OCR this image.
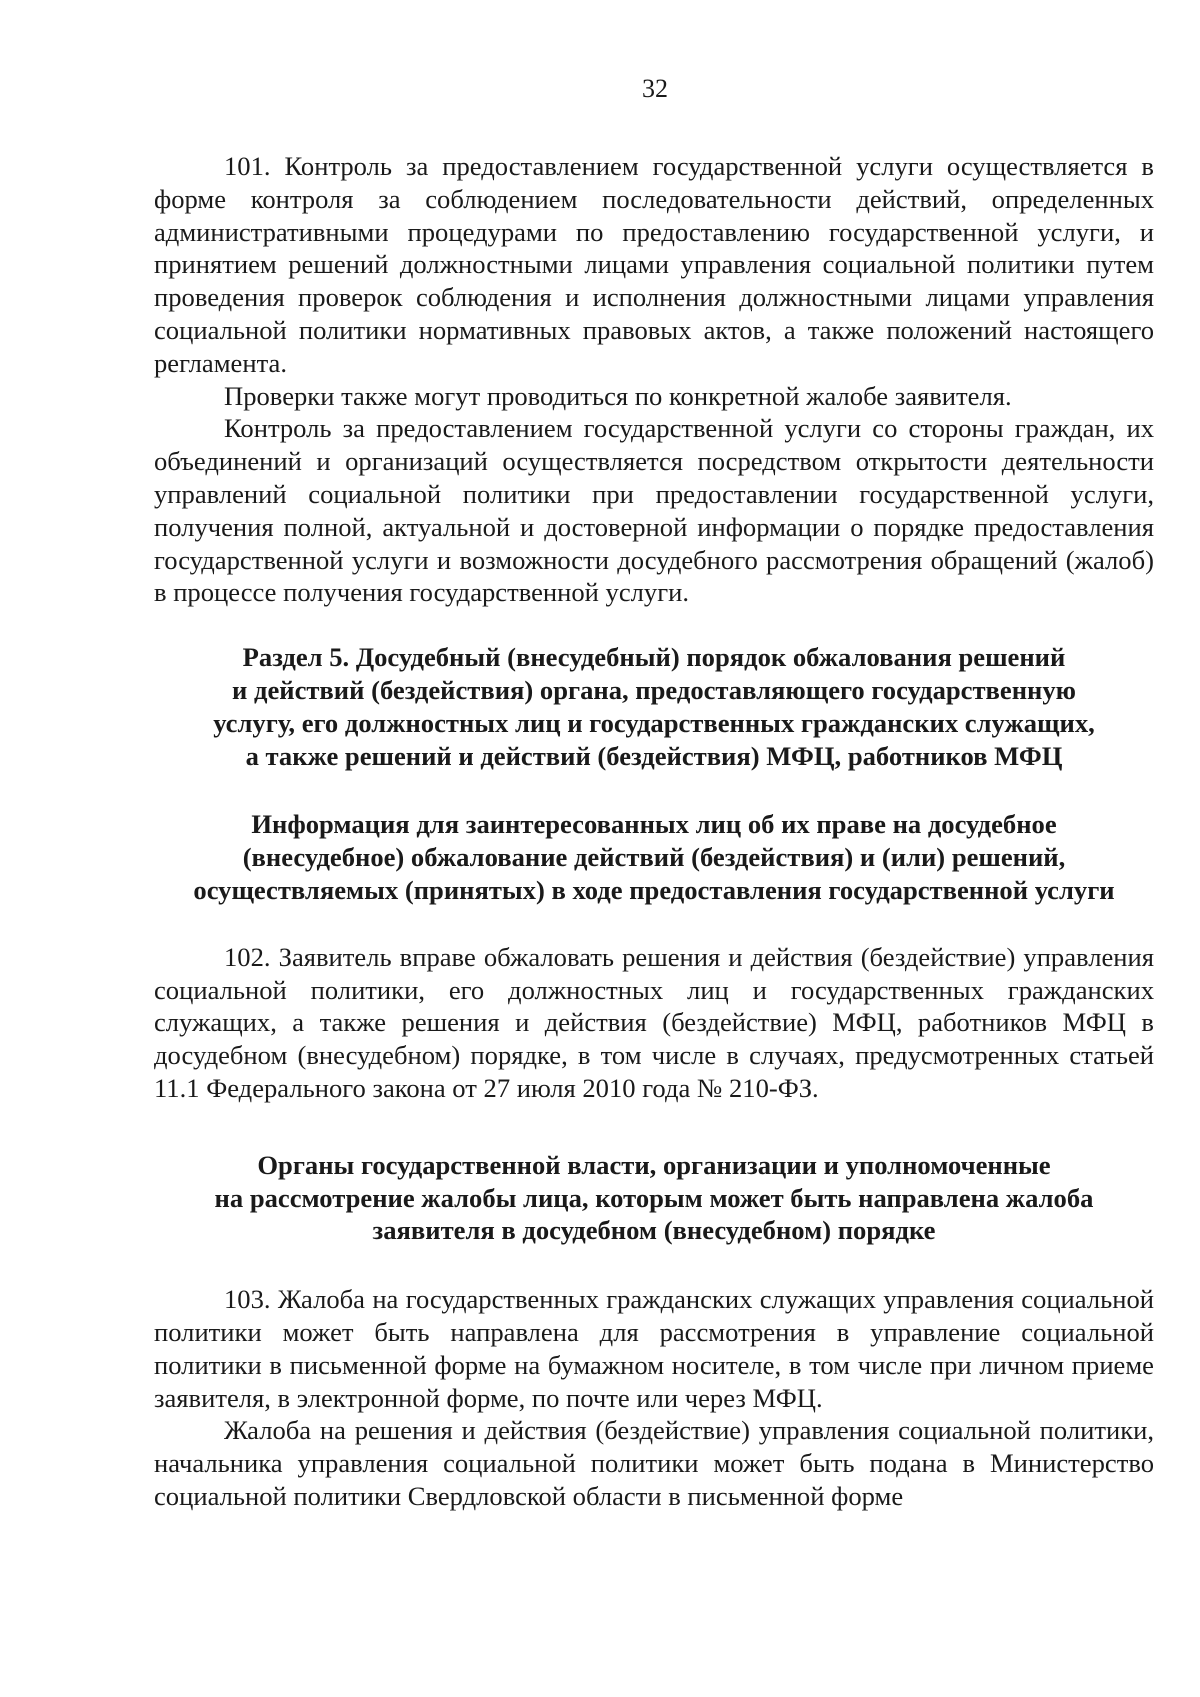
32

101. Контроль за предоставлением государственной услуги осуществляется в форме контроля за соблюдением последовательности действий, определенных административными процедурами по предоставлению государственной услуги, и принятием решений должностными лицами управления социальной политики путем проведения проверок соблюдения и исполнения должностными лицами управления социальной политики нормативных правовых актов, а также положений настоящего регламента.

Проверки также могут проводиться по конкретной жалобе заявителя.

Контроль за предоставлением государственной услуги со стороны граждан, их объединений и организаций осуществляется посредством открытости деятельности управлений социальной политики при предоставлении государственной услуги, получения полной, актуальной и достоверной информации о порядке предоставления государственной услуги и возможности досудебного рассмотрения обращений (жалоб) в процессе получения государственной услуги.

Раздел 5. Досудебный (внесудебный) порядок обжалования решений
и действий (бездействия) органа, предоставляющего государственную
услугу, его должностных лиц и государственных гражданских служащих,
а также решений и действий (бездействия) МФЦ, работников МФЦ
Информация для заинтересованных лиц об их праве на досудебное
(внесудебное) обжалование действий (бездействия) и (или) решений,
осуществляемых (принятых) в ходе предоставления государственной услуги

102. Заявитель вправе обжаловать решения и действия (бездействие) управления социальной политики, его должностных лиц и государственных гражданских служащих, а также решения и действия (бездействие) МФЦ, работников МФЦ в досудебном (внесудебном) порядке, в том числе в случаях, предусмотренных статьей 11.1 Федерального закона от 27 июля 2010 года № 210-ФЗ.

Органы государственной власти, организации и уполномоченные
на рассмотрение жалобы лица, которым может быть направлена жалоба
заявителя в досудебном (внесудебном) порядке

103. Жалоба на государственных гражданских служащих управления социальной политики может быть направлена для рассмотрения в управление социальной политики в письменной форме на бумажном носителе, в том числе при личном приеме заявителя, в электронной форме, по почте или через МФЦ.

Жалоба на решения и действия (бездействие) управления социальной политики, начальника управления социальной политики может быть подана в Министерство социальной политики Свердловской области в письменной форме
